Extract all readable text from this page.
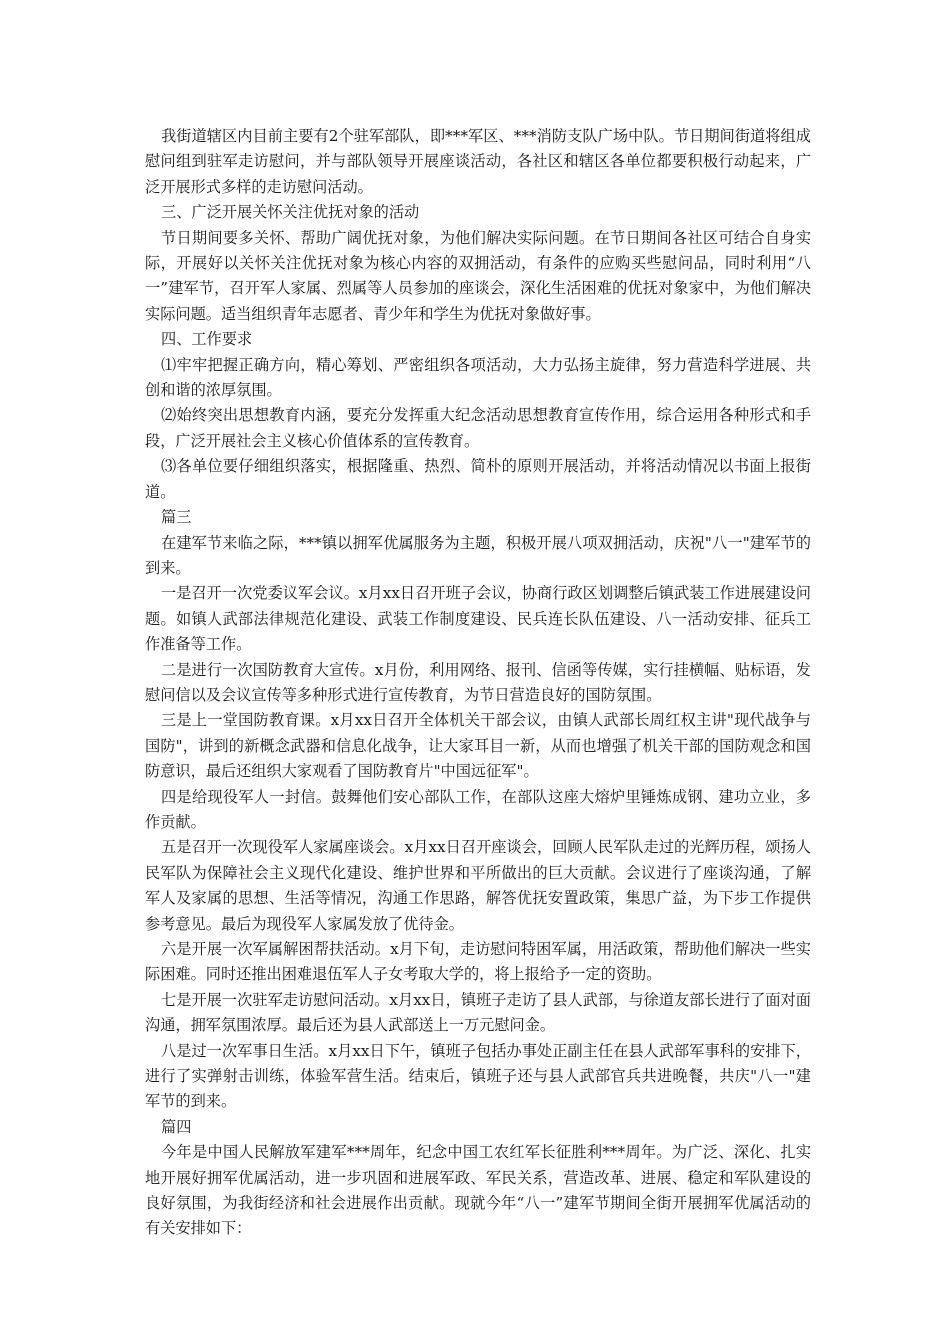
我街道辖区内目前主要有2个驻军部队，即***军区、***消防支队广场中队。节日期间街道将组成慰问组到驻军走访慰问，并与部队领导开展座谈活动，各社区和辖区各单位都要积极行动起来，广泛开展形式多样的走访慰问活动。

三、广泛开展关怀关注优抚对象的活动

节日期间要多关怀、帮助广阔优抚对象，为他们解决实际问题。在节日期间各社区可结合自身实际，开展好以关怀关注优抚对象为核心内容的双拥活动，有条件的应购买些慰问品，同时利用“八一”建军节，召开军人家属、烈属等人员参加的座谈会，深化生活困难的优抚对象家中，为他们解决实际问题。适当组织青年志愿者、青少年和学生为优抚对象做好事。

四、工作要求

⑴牢牢把握正确方向，精心筹划、严密组织各项活动，大力弘扬主旋律，努力营造科学进展、共创和谐的浓厚氛围。

⑵始终突出思想教育内涵，要充分发挥重大纪念活动思想教育宣传作用，综合运用各种形式和手段，广泛开展社会主义核心价值体系的宣传教育。

⑶各单位要仔细组织落实，根据隆重、热烈、简朴的原则开展活动，并将活动情况以书面上报街道。

篇三

在建军节来临之际，***镇以拥军优属服务为主题，积极开展八项双拥活动，庆祝"八一"建军节的到来。

一是召开一次党委议军会议。x月xx日召开班子会议，协商行政区划调整后镇武装工作进展建设问题。如镇人武部法律规范化建设、武装工作制度建设、民兵连长队伍建设、八一活动安排、征兵工作准备等工作。

二是进行一次国防教育大宣传。x月份，利用网络、报刊、信函等传媒，实行挂横幅、贴标语，发慰问信以及会议宣传等多种形式进行宣传教育，为节日营造良好的国防氛围。

三是上一堂国防教育课。x月xx日召开全体机关干部会议，由镇人武部长周红权主讲"现代战争与国防"，讲到的新概念武器和信息化战争，让大家耳目一新，从而也增强了机关干部的国防观念和国防意识，最后还组织大家观看了国防教育片"中国远征军"。

四是给现役军人一封信。鼓舞他们安心部队工作，在部队这座大熔炉里锤炼成钢、建功立业，多作贡献。

五是召开一次现役军人家属座谈会。x月xx日召开座谈会，回顾人民军队走过的光辉历程，颂扬人民军队为保障社会主义现代化建设、维护世界和平所做出的巨大贡献。会议进行了座谈沟通，了解军人及家属的思想、生活等情况，沟通工作思路，解答优抚安置政策，集思广益，为下步工作提供参考意见。最后为现役军人家属发放了优待金。

六是开展一次军属解困帮扶活动。x月下旬，走访慰问特困军属，用活政策，帮助他们解决一些实际困难。同时还推出困难退伍军人子女考取大学的，将上报给予一定的资助。

七是开展一次驻军走访慰问活动。x月xx日，镇班子走访了县人武部，与徐道友部长进行了面对面沟通，拥军氛围浓厚。最后还为县人武部送上一万元慰问金。

八是过一次军事日生活。x月xx日下午，镇班子包括办事处正副主任在县人武部军事科的安排下，进行了实弹射击训练，体验军营生活。结束后，镇班子还与县人武部官兵共进晚餐，共庆"八一"建军节的到来。

篇四

今年是中国人民解放军建军***周年，纪念中国工农红军长征胜利***周年。为广泛、深化、扎实地开展好拥军优属活动，进一步巩固和进展军政、军民关系，营造改革、进展、稳定和军队建设的良好氛围，为我街经济和社会进展作出贡献。现就今年“八一”建军节期间全街开展拥军优属活动的有关安排如下：
